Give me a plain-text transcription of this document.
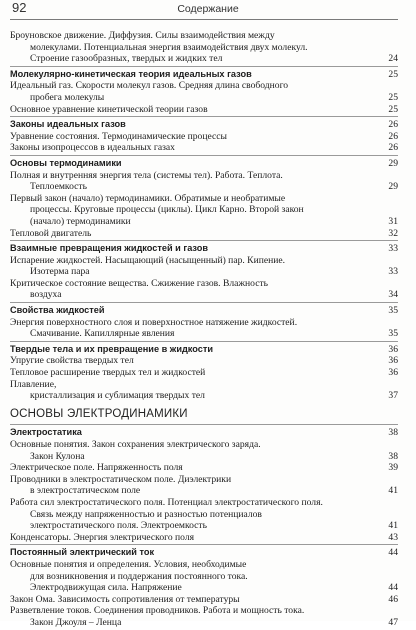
92	Содержание
Броуновское движение. Диффузия. Силы взаимодействия между
молекулами. Потенциальная энергия взаимодействия двух молекул.
Строение газообразных, твердых и жидких тел	24
Молекулярно-кинетическая теория идеальных газов	25
Идеальный газ. Скорости молекул газов. Средняя длина свободного
пробега молекулы	25
Основное уравнение кинетической теории газов	25
Законы идеальных газов	26
Уравнение состояния. Термодинамические процессы	26
Законы изопроцессов в идеальных газах	26
Основы термодинамики	29
Полная и внутренняя энергия тела (системы тел). Работа. Теплота.
Теплоемкость	29
Первый закон (начало) термодинамики. Обратимые и необратимые
процессы. Круговые процессы (циклы). Цикл Карно. Второй закон
(начало) термодинамики	31
Тепловой двигатель	32
Взаимные превращения жидкостей и газов	33
Испарение жидкостей. Насыщающий (насыщенный) пар. Кипение.
Изотерма пара	33
Критическое состояние вещества. Сжижение газов. Влажность
воздуха	34
Свойства жидкостей	35
Энергия поверхностного слоя и поверхностное натяжение жидкостей.
Смачивание. Капиллярные явления	35
Твердые тела и их превращение в жидкости	36
Упругие свойства твердых тел	36
Тепловое расширение твердых тел и жидкостей	36
Плавление,
кристаллизация и сублимация твердых тел	37
ОСНОВЫ ЭЛЕКТРОДИНАМИКИ
Электростатика	38
Основные понятия. Закон сохранения электрического заряда.
Закон Кулона	38
Электрическое поле. Напряженность поля	39
Проводники в электростатическом поле. Диэлектрики
в электростатическом поле	41
Работа сил электростатического поля. Потенциал электростатического поля.
Связь между напряженностью и разностью потенциалов
электростатического поля. Электроемкость	41
Конденсаторы. Энергия электрического поля	43
Постоянный электрический ток	44
Основные понятия и определения. Условия, необходимые
для возникновения и поддержания постоянного тока.
Электродвижущая сила. Напряжение	44
Закон Ома. Зависимость сопротивления от температуры	46
Разветвление токов. Соединения проводников. Работа и мощность тока.
Закон Джоуля – Ленца	47
